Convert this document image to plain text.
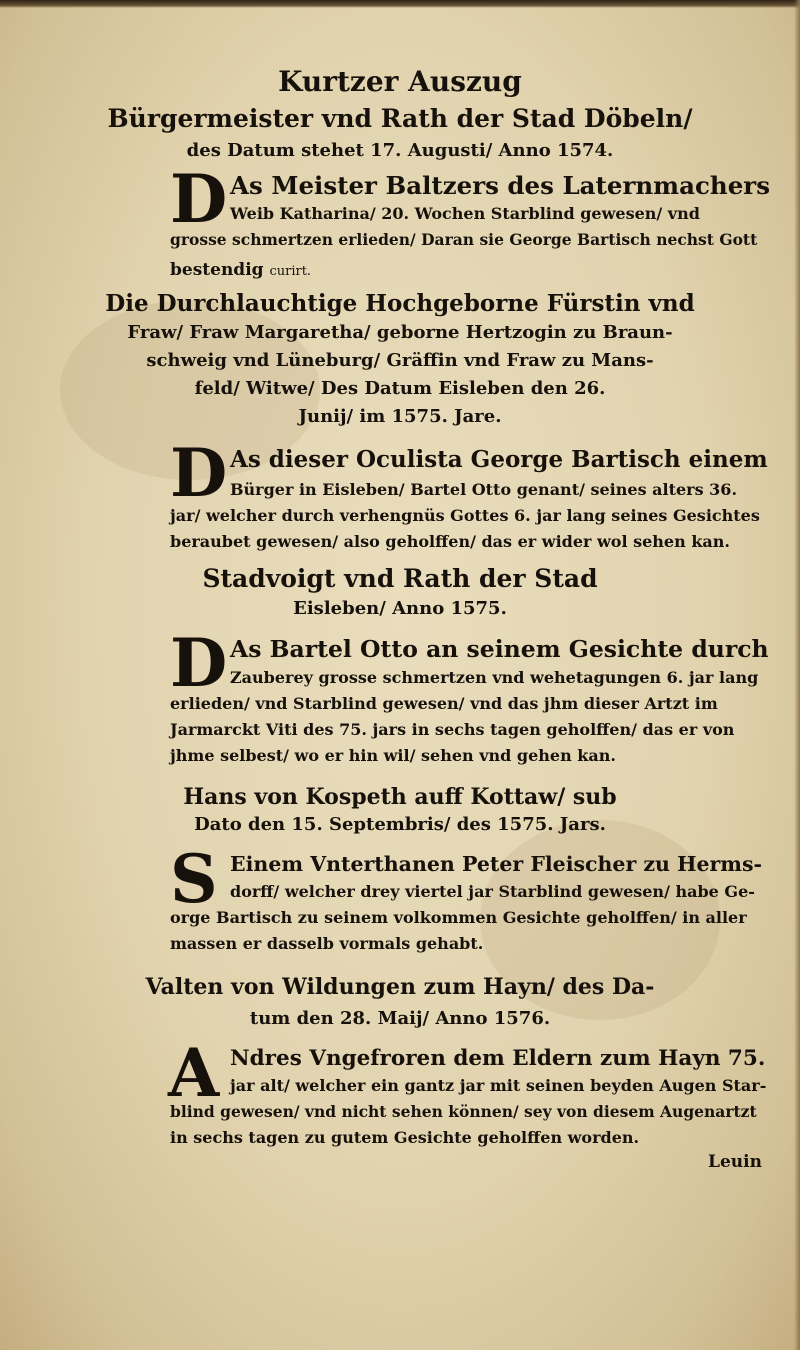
Kurtzer Auszug
Bürgermeister vnd Rath der Stad Döbeln/
des Datum stehet 17. Augusti/ Anno 1574.
D As Meister Baltzers des Laternmachers
Weib Katharina/ 20. Wochen Starblind gewesen/ vnd
grosse schmertzen erlieden/ Daran sie George Bartisch nechst Gott
bestendig curirt.
Die Durchlauchtige Hochgeborne Fürstin vnd
Fraw/ Fraw Margaretha/ geborne Hertzogin zu Braun-
schweig vnd Lüneburg/ Gräffin vnd Fraw zu Mans-
feld/ Witwe/ Des Datum Eisleben den 26.
Junij/ im 1575. Jare.
D As dieser Oculista George Bartisch einem
Bürger in Eisleben/ Bartel Otto genant/ seines alters 36.
jar/ welcher durch verhengnüs Gottes 6. jar lang seines Gesichtes
beraubet gewesen/ also geholffen/ das er wider wol sehen kan.
Stadvoigt vnd Rath der Stad
Eisleben/ Anno 1575.
D As Bartel Otto an seinem Gesichte durch
Zauberey grosse schmertzen vnd wehetagungen 6. jar lang
erlieden/ vnd Starblind gewesen/ vnd das jhm dieser Artzt im
Jarmarckt Viti des 75. jars in sechs tagen geholffen/ das er von
jhme selbest/ wo er hin wil/ sehen vnd gehen kan.
Hans von Kospeth auff Kottaw/ sub
Dato den 15. Septembris/ des 1575. Jars.
S Einem Vnterthanen Peter Fleischer zu Herms-
dorff/ welcher drey viertel jar Starblind gewesen/ habe Ge-
orge Bartisch zu seinem volkommen Gesichte geholffen/ in aller
massen er dasselb vormals gehabt.
Valten von Wildungen zum Hayn/ des Da-
tum den 28. Maij/ Anno 1576.
A Ndres Vngefroren dem Eldern zum Hayn 75.
jar alt/ welcher ein gantz jar mit seinen beyden Augen Star-
blind gewesen/ vnd nicht sehen können/ sey von diesem Augenartzt
in sechs tagen zu gutem Gesichte geholffen worden.
Leuin
